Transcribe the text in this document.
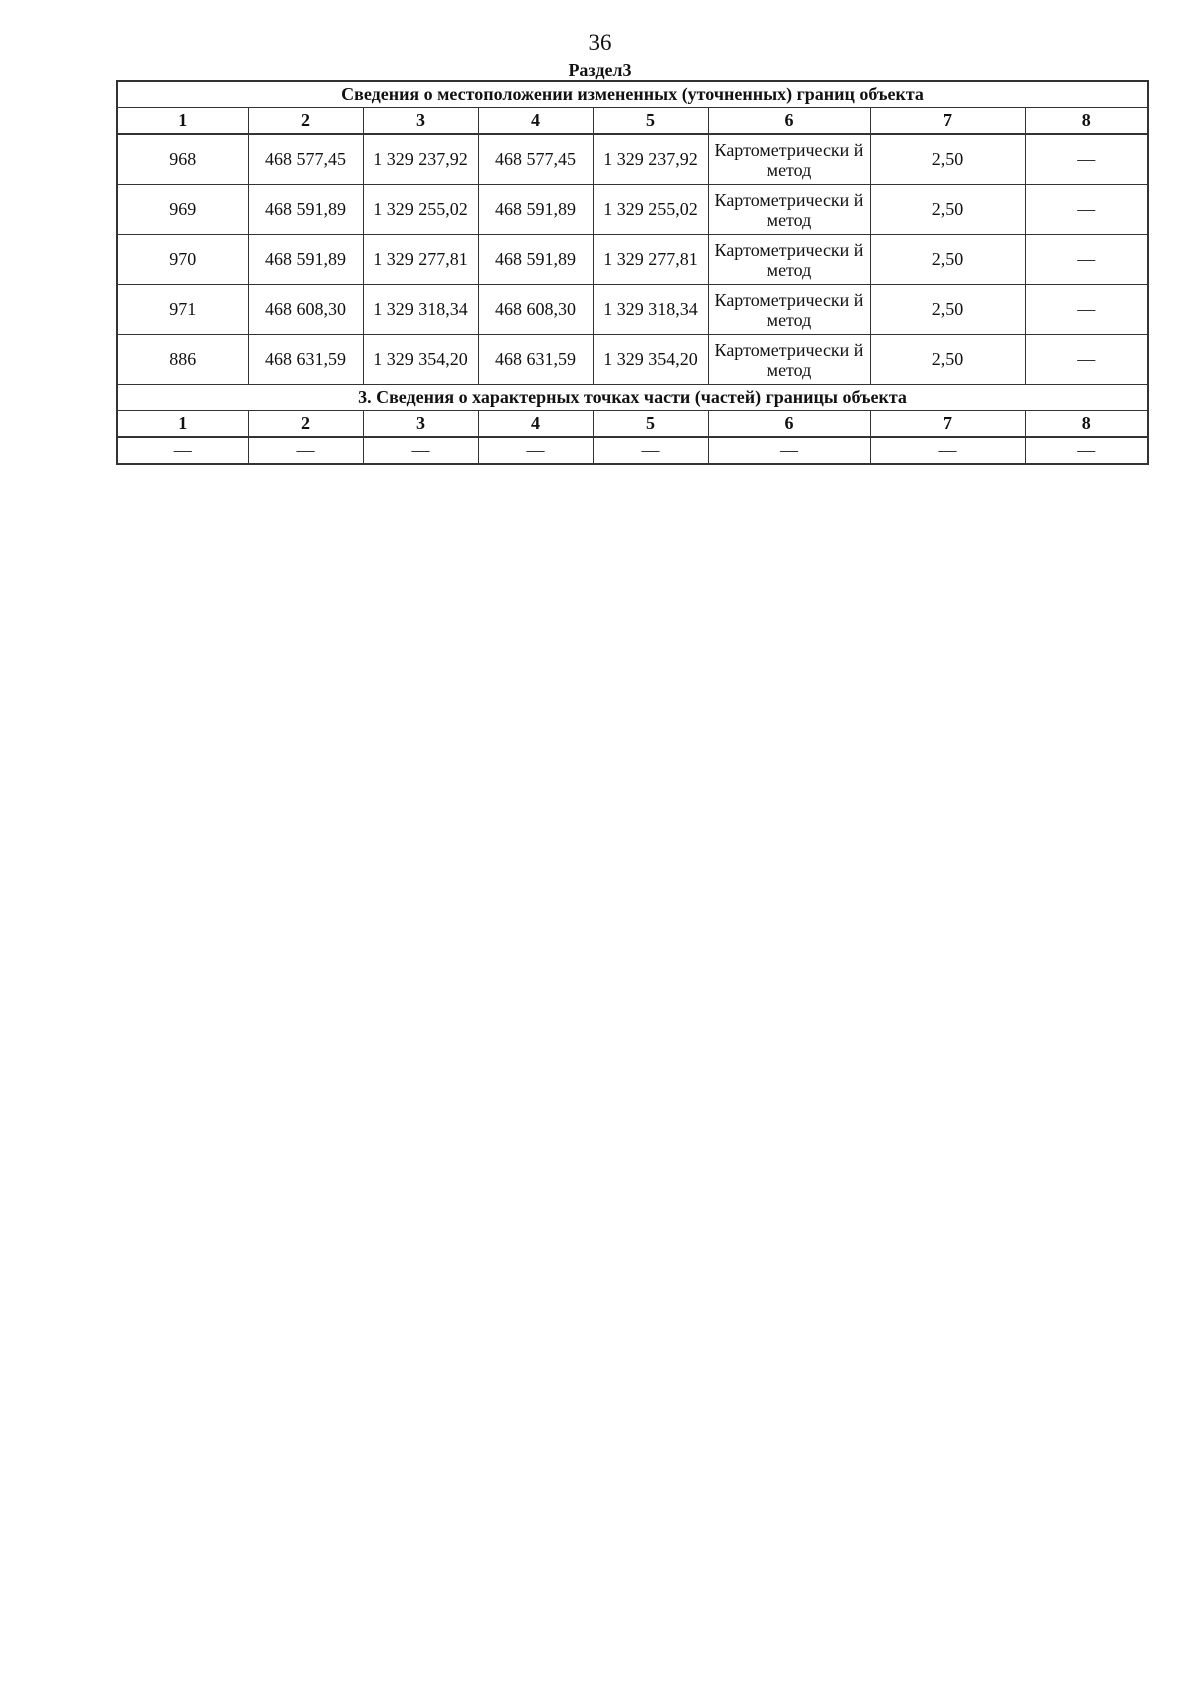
36
Раздел3
Сведения о местоположении измененных (уточненных) границ объекта							
1	2	3	4	5	6	7	8
968	468 577,45	1 329 237,92	468 577,45	1 329 237,92	Картометрически й метод	2,50	—
969	468 591,89	1 329 255,02	468 591,89	1 329 255,02	Картометрически й метод	2,50	—
970	468 591,89	1 329 277,81	468 591,89	1 329 277,81	Картометрически й метод	2,50	—
971	468 608,30	1 329 318,34	468 608,30	1 329 318,34	Картометрически й метод	2,50	—
886	468 631,59	1 329 354,20	468 631,59	1 329 354,20	Картометрически й метод	2,50	—
3. Сведения о характерных точках части (частей) границы объекта							
1	2	3	4	5	6	7	8
—	—	—	—	—	—	—	—
